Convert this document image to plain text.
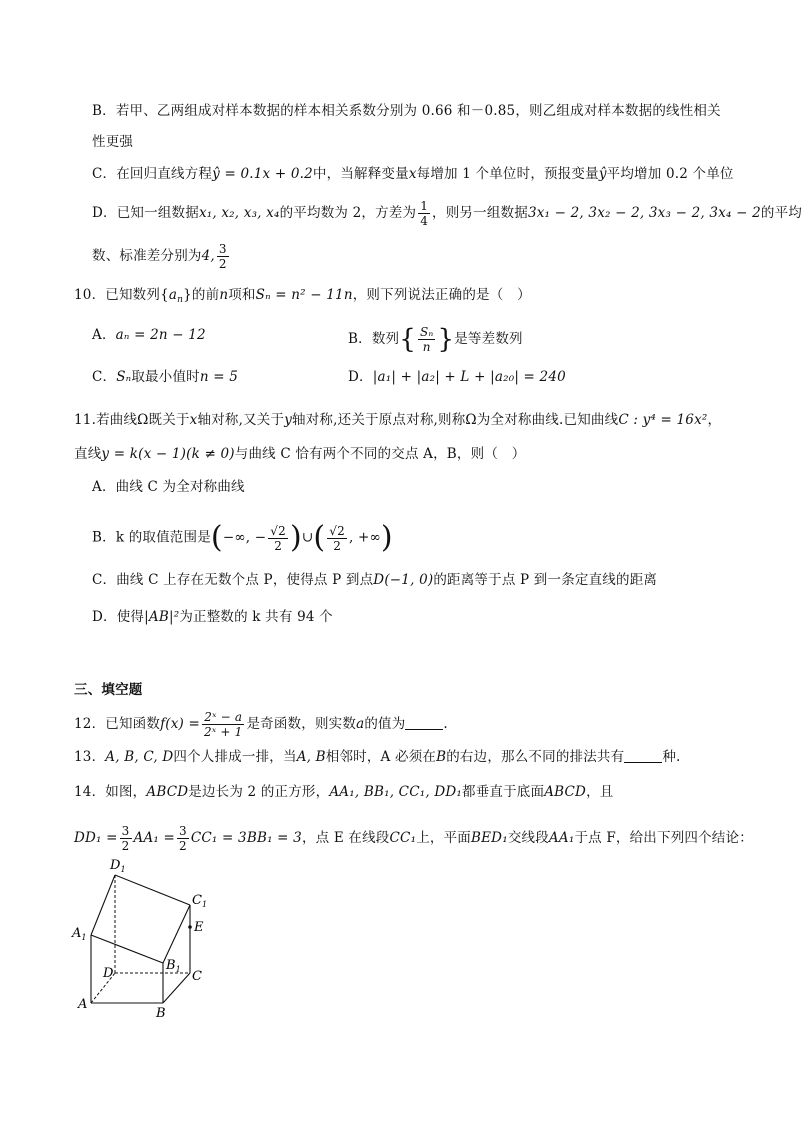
B．若甲、乙两组成对样本数据的样本相关系数分别为 0.66 和－0.85，则乙组成对样本数据的线性相关
性更强
C．在回归直线方程ŷ = 0.1x + 0.2中，当解释变量x每增加 1 个单位时，预报变量ŷ平均增加 0.2 个单位
D．已知一组数据x₁, x₂, x₃, x₄的平均数为 2，方差为 $\frac{1}{4}$ ，则另一组数据3x₁ − 2, 3x₂ − 2, 3x₃ − 2, 3x₄ − 2的平均
数、标准差分别为4, $\frac{3}{2}$
10．已知数列$\{a_n\}$的前n项和Sₙ = n² − 11n，则下列说法正确的是（　）
A．aₙ = 2n − 12	B．数列{ $\frac{\text{Sₙ}}{n}$ }是等差数列
C．Sₙ取最小值时n = 5	D．|a₁| + |a₂| + L + |a₂₀| = 240
11.若曲线Ω既关于x轴对称,又关于y轴对称,还关于原点对称,则称Ω为全对称曲线.已知曲线C : y⁴ = 16x²，
直线y = k(x − 1)(k ≠ 0)与曲线 C 恰有两个不同的交点 A，B，则（　）
A．曲线 C 为全对称曲线
B．k 的取值范围是(−∞, − $\frac{√2}{2}$ )∪( $\frac{√2}{2}$ , +∞)
C．曲线 C 上存在无数个点 P，使得点 P 到点D(−1, 0)的距离等于点 P 到一条定直线的距离
D．使得|AB|²为正整数的 k 共有 94 个
三、填空题
12．已知函数$f(x) = \frac{\text{2ˣ − a}}{\text{2ˣ + 1}}$ 是奇函数，则实数a的值为	.
13．A, B, C, D四个人排成一排，当A, B相邻时，A 必须在B的右边，那么不同的排法共有	种.
14．如图，ABCD是边长为 2 的正方形，AA₁, BB₁, CC₁, DD₁都垂直于底面ABCD，且
$DD_1 = \frac{3}{2} AA_1 = \frac{3}{2} CC_1 = 3BB_1 = 3$，点 E 在线段CC₁上，平面BED₁交线段AA₁于点 F，给出下列四个结论：
$D_1$
$C_1$
E
$A_1$
D
$B_1$ C
A
B
